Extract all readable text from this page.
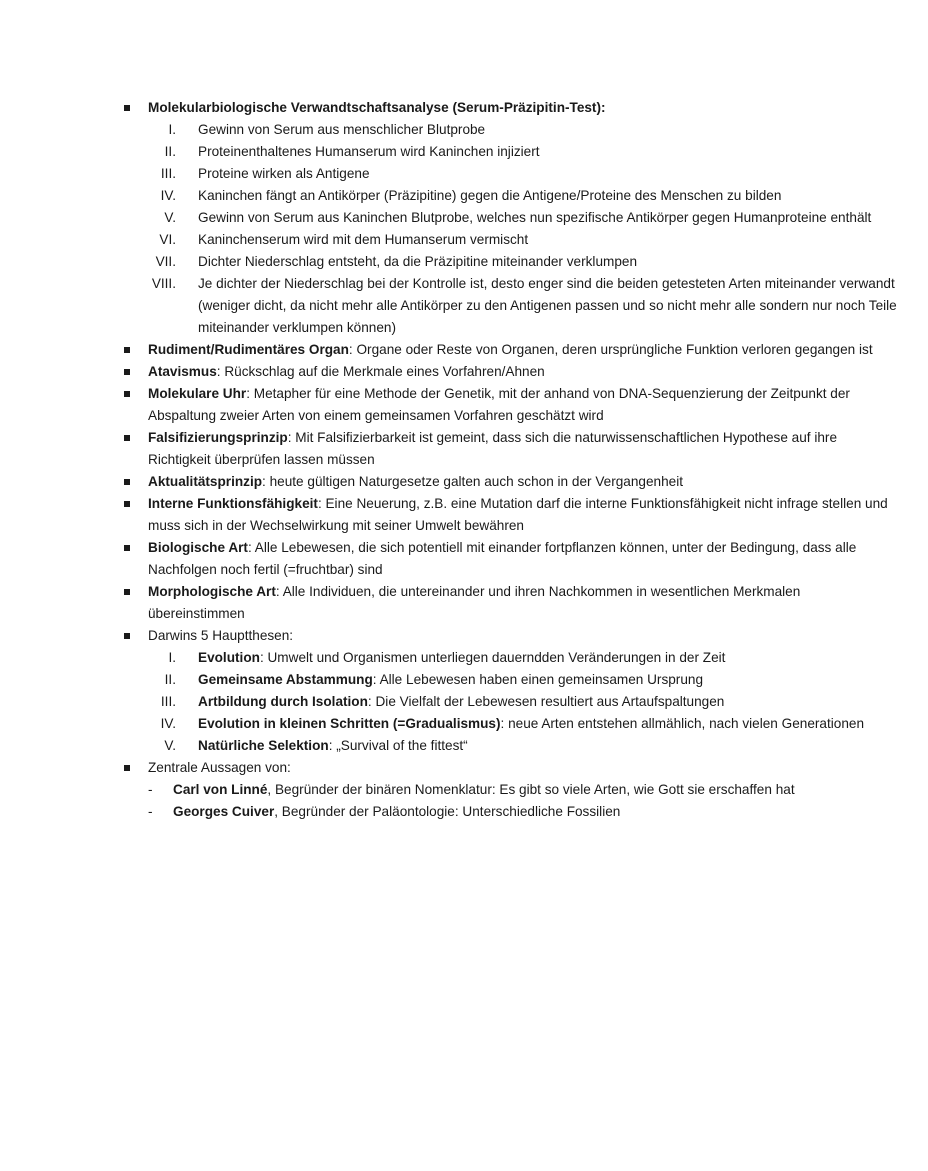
Molekularbiologische Verwandtschaftsanalyse (Serum-Präzipitin-Test):
I. Gewinn von Serum aus menschlicher Blutprobe
II. Proteinenthaltenes Humanserum wird Kaninchen injiziert
III. Proteine wirken als Antigene
IV. Kaninchen fängt an Antikörper (Präzipitine) gegen die Antigene/Proteine des Menschen zu bilden
V. Gewinn von Serum aus Kaninchen Blutprobe, welches nun spezifische Antikörper gegen Humanproteine enthält
VI. Kaninchenserum wird mit dem Humanserum vermischt
VII. Dichter Niederschlag entsteht, da die Präzipitine miteinander verklumpen
VIII. Je dichter der Niederschlag bei der Kontrolle ist, desto enger sind die beiden getesteten Arten miteinander verwandt (weniger dicht, da nicht mehr alle Antikörper zu den Antigenen passen und so nicht mehr alle sondern nur noch Teile miteinander verklumpen können)
Rudiment/Rudimentäres Organ: Organe oder Reste von Organen, deren ursprüngliche Funktion verloren gegangen ist
Atavismus: Rückschlag auf die Merkmale eines Vorfahren/Ahnen
Molekulare Uhr: Metapher für eine Methode der Genetik, mit der anhand von DNA-Sequenzierung der Zeitpunkt der Abspaltung zweier Arten von einem gemeinsamen Vorfahren geschätzt wird
Falsifizierungsprinzip: Mit Falsifizierbarkeit ist gemeint, dass sich die naturwissenschaftlichen Hypothese auf ihre Richtigkeit überprüfen lassen müssen
Aktualitätsprinzip: heute gültigen Naturgesetze galten auch schon in der Vergangenheit
Interne Funktionsfähigkeit: Eine Neuerung, z.B. eine Mutation darf die interne Funktionsfähigkeit nicht infrage stellen und muss sich in der Wechselwirkung mit seiner Umwelt bewähren
Biologische Art: Alle Lebewesen, die sich potentiell mit einander fortpflanzen können, unter der Bedingung, dass alle Nachfolgen noch fertil (=fruchtbar) sind
Morphologische Art: Alle Individuen, die untereinander und ihren Nachkommen in wesentlichen Merkmalen übereinstimmen
Darwins 5 Hauptthesen:
I. Evolution: Umwelt und Organismen unterliegen dauerndden Veränderungen in der Zeit
II. Gemeinsame Abstammung: Alle Lebewesen haben einen gemeinsamen Ursprung
III. Artbildung durch Isolation: Die Vielfalt der Lebewesen resultiert aus Artaufspaltungen
IV. Evolution in kleinen Schritten (=Gradualismus): neue Arten entstehen allmählich, nach vielen Generationen
V. Natürliche Selektion: „Survival of the fittest“
Zentrale Aussagen von:
- Carl von Linné, Begründer der binären Nomenklatur: Es gibt so viele Arten, wie Gott sie erschaffen hat
- Georges Cuiver, Begründer der Paläontologie: Unterschiedliche Fossilien
